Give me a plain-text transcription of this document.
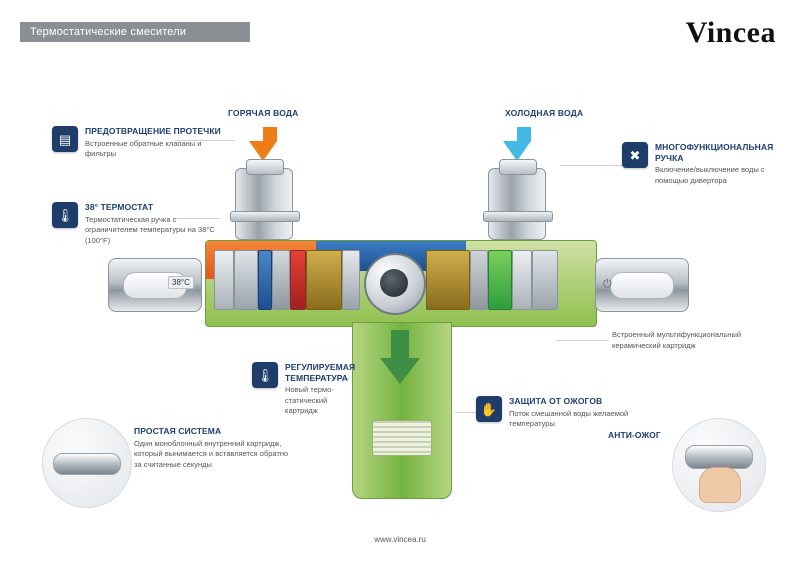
Термостатические смесители	Vincea
ГОРЯЧАЯ ВОДА	ХОЛОДНАЯ ВОДА
38°C	⏻
▤
ПРЕДОТВРАЩЕНИЕ ПРОТЕЧКИ
Встроенные обратные клапаны и фильтры
🌡
38° ТЕРМОСТАТ
Термостатическая ручка с ограничителем температуры на 38°C (100°F)
✖
МНОГОФУНКЦИОНАЛЬНАЯ РУЧКА
Включение/выключение воды с помощью дивертора
🌡
РЕГУЛИРУЕМАЯ ТЕМПЕРАТУРА
Новый термо-статический картридж	✋
ЗАЩИТА ОТ ОЖОГОВ
Поток смешанной воды желаемой температуры
Встроенный мультифункциональный керамический картридж
ПРОСТАЯ СИСТЕМА
Один моноблочный внутренний картридж, который вынимается и вставляется обратно за считанные секунды
АНТИ-ОЖОГ
www.vincea.ru
